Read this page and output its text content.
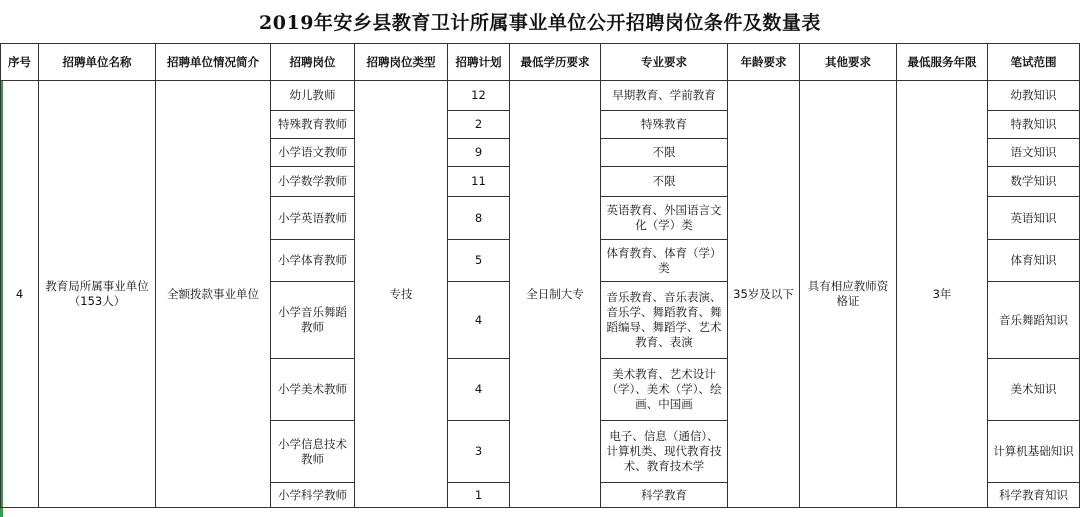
2019年安乡县教育卫计所属事业单位公开招聘岗位条件及数量表
序号	招聘单位名称	招聘单位情况简介	招聘岗位	招聘岗位类型	招聘计划	最低学历要求	专业要求	年龄要求	其他要求	最低服务年限	笔试范围
4	教育局所属事业单位（153人）	全额拨款事业单位	幼儿教师	专技	12	全日制大专	早期教育、学前教育	35岁及以下	具有相应教师资格证	3年	幼教知识
			特殊教育教师		2		特殊教育				特教知识
			小学语文教师		9		不限				语文知识
			小学数学教师		11		不限				数学知识
			小学英语教师		8		英语教育、外国语言文化（学）类				英语知识
			小学体育教师		5		体育教育、体育（学）类				体育知识
			小学音乐舞蹈教师		4		音乐教育、音乐表演、音乐学、舞蹈教育、舞蹈编导、舞蹈学、艺术教育、表演				音乐舞蹈知识
			小学美术教师		4		美术教育、艺术设计（学）、美术（学）、绘画、中国画				美术知识
			小学信息技术教师		3		电子、信息（通信）、计算机类、现代教育技术、教育技术学				计算机基础知识
			小学科学教师		1		科学教育				科学教育知识
